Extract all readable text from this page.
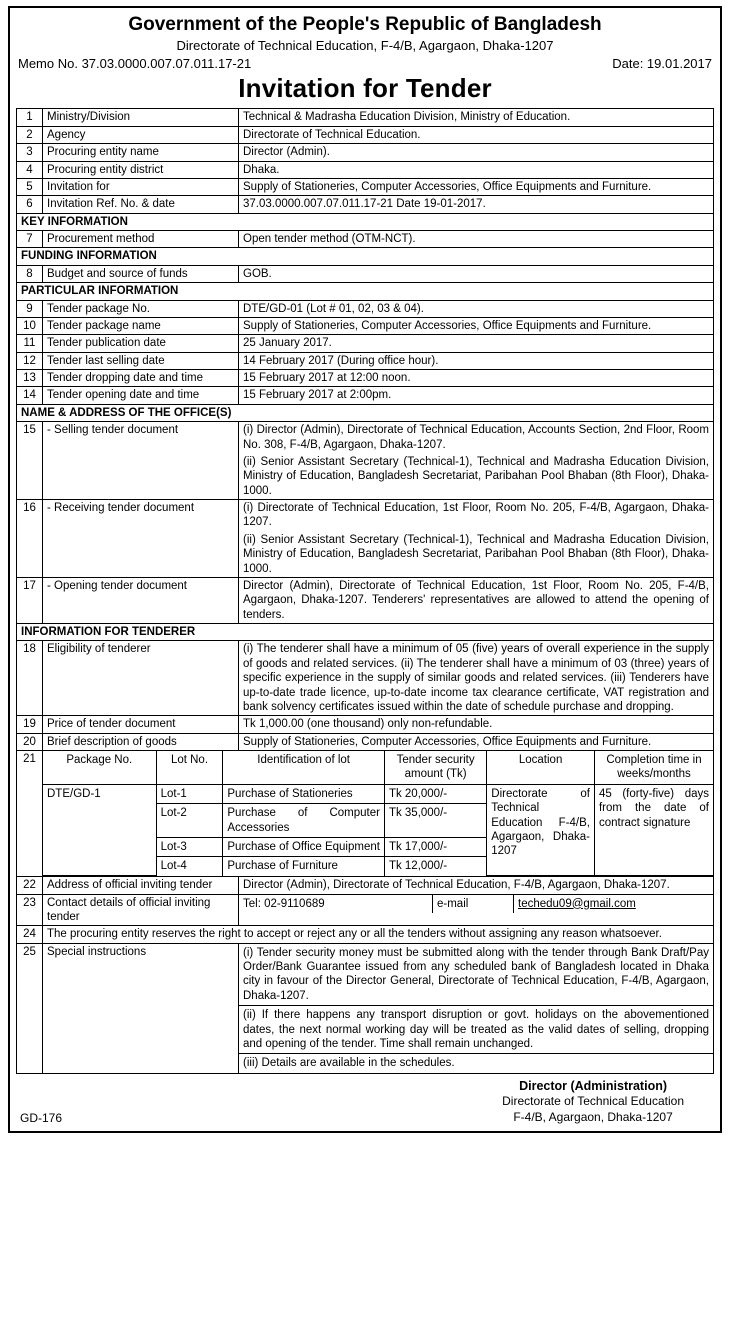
Government of the People's Republic of Bangladesh
Directorate of Technical Education, F-4/B, Agargaon, Dhaka-1207
Memo No. 37.03.0000.007.07.011.17-21	Date: 19.01.2017
Invitation for Tender
1	Ministry/Division	Technical & Madrasha Education Division, Ministry of Education.
2	Agency	Directorate of Technical Education.
3	Procuring entity name	Director (Admin).
4	Procuring entity district	Dhaka.
5	Invitation for	Supply of Stationeries, Computer Accessories, Office Equipments and Furniture.
6	Invitation Ref. No. & date	37.03.0000.007.07.011.17-21 Date 19-01-2017.
KEY INFORMATION
7	Procurement method	Open tender method (OTM-NCT).
FUNDING INFORMATION
8	Budget and source of funds	GOB.
PARTICULAR INFORMATION
9	Tender package No.	DTE/GD-01 (Lot # 01, 02, 03 & 04).
10	Tender package name	Supply of Stationeries, Computer Accessories, Office Equipments and Furniture.
11	Tender publication date	25 January 2017.
12	Tender last selling date	14 February 2017 (During office hour).
13	Tender dropping date and time	15 February 2017 at 12:00 noon.
14	Tender opening date and time	15 February 2017 at 2:00pm.
NAME & ADDRESS OF THE OFFICE(S)
15	- Selling tender document	(i) Director (Admin), Directorate of Technical Education, Accounts Section, 2nd Floor, Room No. 308, F-4/B, Agargaon, Dhaka-1207.

(ii) Senior Assistant Secretary (Technical-1), Technical and Madrasha Education Division, Ministry of Education, Bangladesh Secretariat, Paribahan Pool Bhaban (8th Floor), Dhaka-1000.

16	- Receiving tender document	(i) Directorate of Technical Education, 1st Floor, Room No. 205, F-4/B, Agargaon, Dhaka-1207.

(ii) Senior Assistant Secretary (Technical-1), Technical and Madrasha Education Division, Ministry of Education, Bangladesh Secretariat, Paribahan Pool Bhaban (8th Floor), Dhaka-1000.

17	- Opening tender document	Director (Admin), Directorate of Technical Education, 1st Floor, Room No. 205, F-4/B, Agargaon, Dhaka-1207. Tenderers' representatives are allowed to attend the opening of tenders.
INFORMATION FOR TENDERER
18	Eligibility of tenderer	(i) The tenderer shall have a minimum of 05 (five) years of overall experience in the supply of goods and related services. (ii) The tenderer shall have a minimum of 03 (three) years of specific experience in the supply of similar goods and related services. (iii) Tenderers have up-to-date trade licence, up-to-date income tax clearance certificate, VAT registration and bank solvency certificates issued within the date of schedule purchase and dropping.
19	Price of tender document	Tk 1,000.00 (one thousand) only non-refundable.
20	Brief description of goods	Supply of Stationeries, Computer Accessories, Office Equipments and Furniture.
21		Package No.	Lot No.	Identification of lot	Tender security amount (Tk)	Location	Completion time in weeks/months
DTE/GD-1	Lot-1	Purchase of Stationeries	Tk 20,000/-	Directorate of Technical Education F-4/B, Agargaon, Dhaka-1207	45 (forty-five) days from the date of contract signature
Lot-2	Purchase of Computer Accessories	Tk 35,000/-
Lot-3	Purchase of Office Equipment	Tk 17,000/-
Lot-4	Purchase of Furniture	Tk 12,000/-

22	Address of official inviting tender	Director (Admin), Directorate of Technical Education, F-4/B, Agargaon, Dhaka-1207.
23	Contact details of official inviting tender	
Tel: 02-9110689	e-mail	techedu09@gmail.com

24	The procuring entity reserves the right to accept or reject any or all the tenders without assigning any reason whatsoever.
25	Special instructions		(i) Tender security money must be submitted along with the tender through Bank Draft/Pay Order/Bank Guarantee issued from any scheduled bank of Bangladesh located in Dhaka city in favour of the Director General, Directorate of Technical Education, F-4/B, Agargaon, Dhaka-1207.
(ii) If there happens any transport disruption or govt. holidays on the abovementioned dates, the next normal working day will be treated as the valid dates of selling, dropping and opening of the tender. Time shall remain unchanged.
(iii) Details are available in the schedules.
GD-176
Director (Administration)
Directorate of Technical Education
F-4/B, Agargaon, Dhaka-1207
